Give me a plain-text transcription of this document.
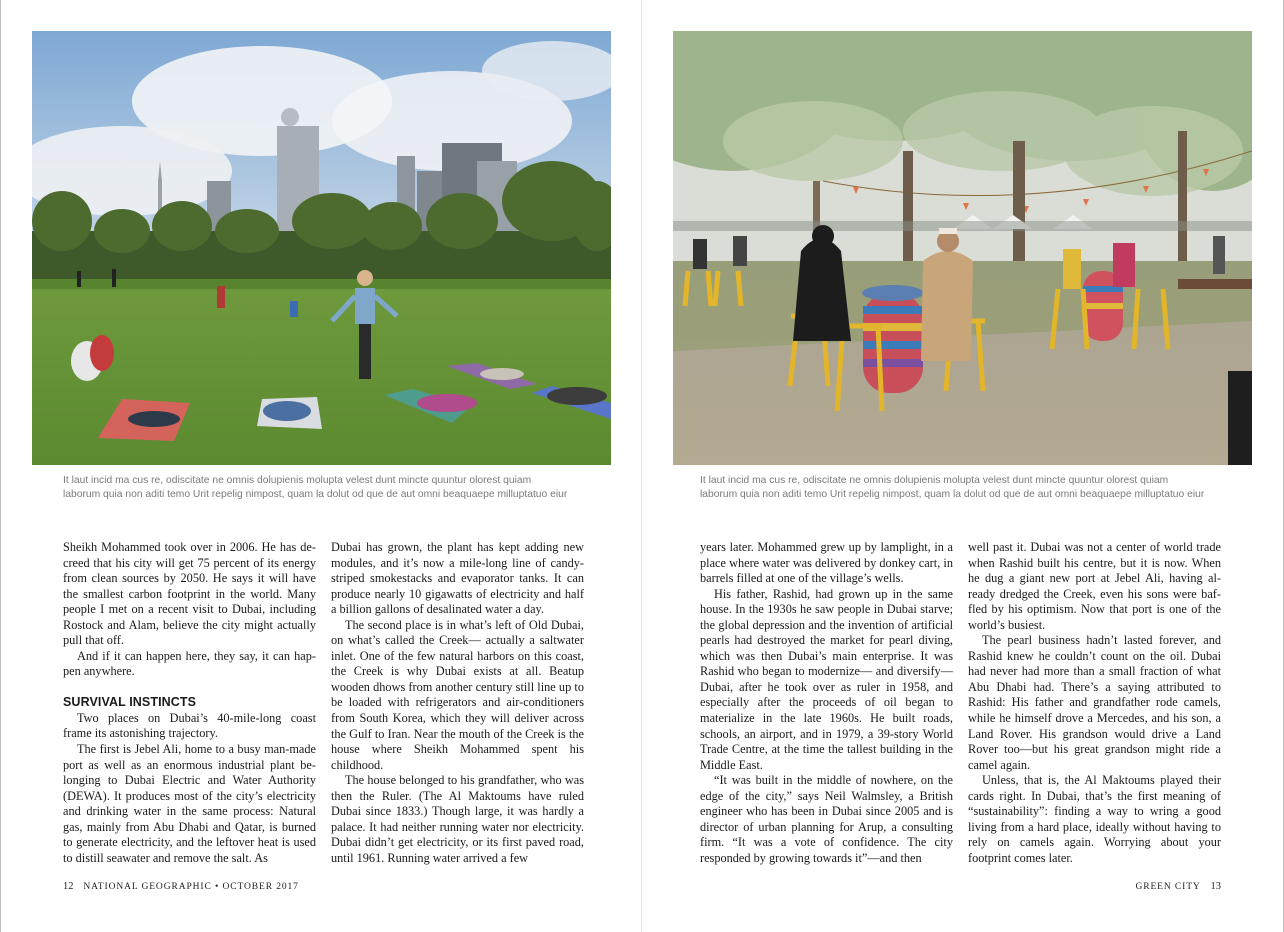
It laut incid ma cus re, odiscitate ne omnis dolupienis molupta velest dunt mincte quuntur olorest quiam
laborum quia non aditi temo Urit repelig nimpost, quam la dolut od que de aut omni beaquaepe milluptatuo eiur
It laut incid ma cus re, odiscitate ne omnis dolupienis molupta velest dunt mincte quuntur olorest quiam
laborum quia non aditi temo Urit repelig nimpost, quam la dolut od que de aut omni beaquaepe milluptatuo eiur

Sheikh Mohammed took over in 2006. He has decreed that his city will get 75 percent of its energy from clean sources by 2050. He says it will have the smallest carbon footprint in the world. Many people I met on a recent visit to Dubai, including Rostock and Alam, believe the city might actually pull that off.

And if it can happen here, they say, it can happen anywhere.

SURVIVAL INSTINCTS

Two places on Dubai’s 40-mile-long coast frame its astonishing trajectory.

The first is Jebel Ali, home to a busy man-made port as well as an enormous industrial plant belonging to Dubai Electric and Water Authority (DEWA). It produces most of the city’s electricity and drinking water in the same process: Natural gas, mainly from Abu Dhabi and Qatar, is burned to generate electricity, and the leftover heat is used to distill seawater and remove the salt. As

Dubai has grown, the plant has kept adding new modules, and it’s now a mile-long line of candy-striped smokestacks and evaporator tanks. It can produce nearly 10 gigawatts of electricity and half a billion gallons of desalinated water a day.

The second place is in what’s left of Old Dubai, on what’s called the Creek— actually a saltwater inlet. One of the few natural harbors on this coast, the Creek is why Dubai exists at all. Beatup wooden dhows from another century still line up to be loaded with refrigerators and air-conditioners from South Korea, which they will deliver across the Gulf to Iran. Near the mouth of the Creek is the house where Sheikh Mohammed spent his childhood.

The house belonged to his grandfather, who was then the Ruler. (The Al Maktoums have ruled Dubai since 1833.) Though large, it was hardly a palace. It had neither running water nor electricity. Dubai didn’t get electricity, or its first paved road, until 1961. Running water arrived a few

years later. Mohammed grew up by lamplight, in a place where water was delivered by donkey cart, in barrels filled at one of the village’s wells.

His father, Rashid, had grown up in the same house. In the 1930s he saw people in Dubai starve; the global depression and the invention of artificial pearls had destroyed the market for pearl diving, which was then Dubai’s main enterprise. It was Rashid who began to modernize— and diversify—Dubai, after he took over as ruler in 1958, and especially after the proceeds of oil began to materialize in the late 1960s. He built roads, schools, an airport, and in 1979, a 39-story World Trade Centre, at the time the tallest building in the Middle East.

“It was built in the middle of nowhere, on the edge of the city,” says Neil Walmsley, a British engineer who has been in Dubai since 2005 and is director of urban planning for Arup, a consulting firm. “It was a vote of confidence. The city responded by growing towards it”—and then

well past it. Dubai was not a center of world trade when Rashid built his centre, but it is now. When he dug a giant new port at Jebel Ali, having already dredged the Creek, even his sons were baffled by his optimism. Now that port is one of the world’s busiest.

The pearl business hadn’t lasted forever, and Rashid knew he couldn’t count on the oil. Dubai had never had more than a small fraction of what Abu Dhabi had. There’s a saying attributed to Rashid: His father and grandfather rode camels, while he himself drove a Mercedes, and his son, a Land Rover. His grandson would drive a Land Rover too—but his great grandson might ride a camel again.

Unless, that is, the Al Maktoums played their cards right. In Dubai, that’s the first meaning of “sustainability”: finding a way to wring a good living from a hard place, ideally without having to rely on camels again. Worrying about your footprint comes later.

12 NATIONAL GEOGRAPHIC • OCTOBER 2017	GREEN CITY 13
